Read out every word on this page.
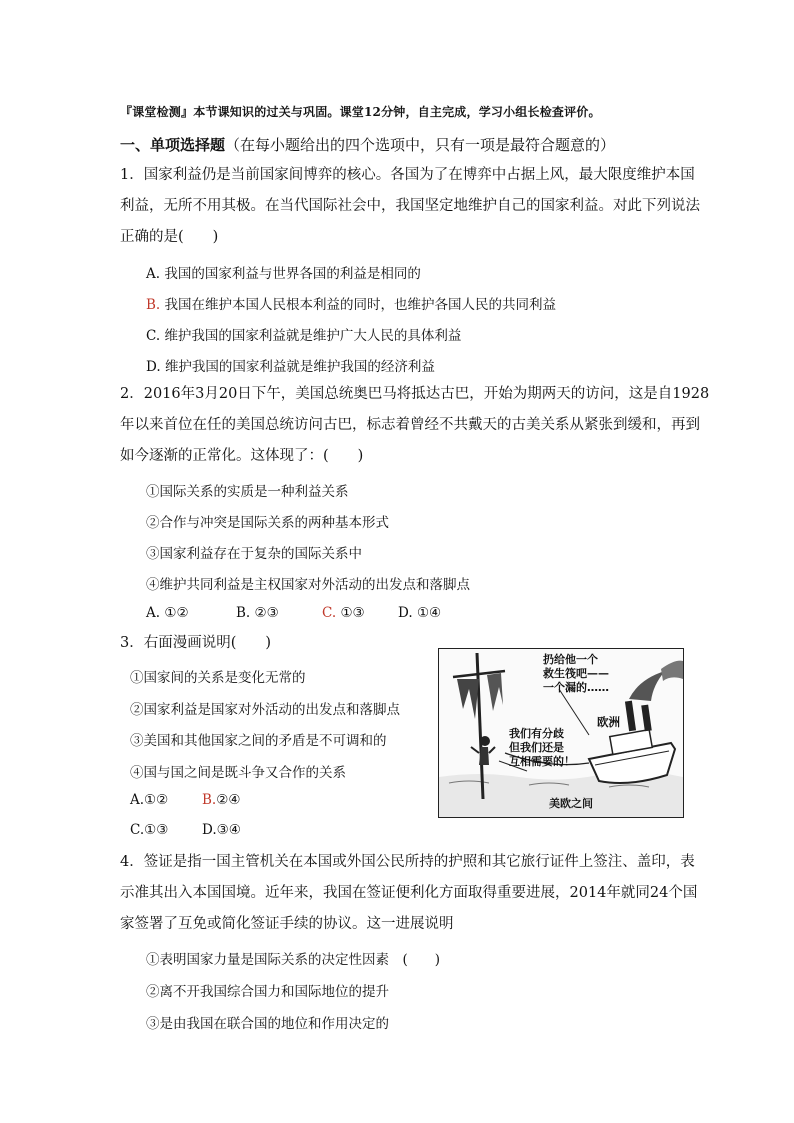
『课堂检测』本节课知识的过关与巩固。课堂12分钟，自主完成，学习小组长检查评价。
一、单项选择题（在每小题给出的四个选项中，只有一项是最符合题意的）
1．国家利益仍是当前国家间博弈的核心。各国为了在博弈中占据上风，最大限度维护本国
利益，无所不用其极。在当代国际社会中，我国坚定地维护自己的国家利益。对此下列说法
正确的是(　　)
A. 我国的国家利益与世界各国的利益是相同的
B. 我国在维护本国人民根本利益的同时，也维护各国人民的共同利益
C. 维护我国的国家利益就是维护广大人民的具体利益
D. 维护我国的国家利益就是维护我国的经济利益
2．2016年3月20日下午，美国总统奥巴马将抵达古巴，开始为期两天的访问，这是自1928
年以来首位在任的美国总统访问古巴，标志着曾经不共戴天的古美关系从紧张到缓和，再到
如今逐渐的正常化。这体现了：(　　)
①国际关系的实质是一种利益关系
②合作与冲突是国际关系的两种基本形式
③国家利益存在于复杂的国际关系中
④维护共同利益是主权国家对外活动的出发点和落脚点
A. ①②	B. ②③	C. ①③ D. ①④
3．右面漫画说明(　　)
①国家间的关系是变化无常的
②国家利益是国家对外活动的出发点和落脚点
③美国和其他国家之间的矛盾是不可调和的
④国与国之间是既斗争又合作的关系
A.①② B.②④
C.①③ D.③④
扔给他一个
救生筏吧——
一个漏的……
欧洲
我们有分歧
但我们还是
互相需要的！
美欧之间
4．签证是指一国主管机关在本国或外国公民所持的护照和其它旅行证件上签注、盖印，表
示准其出入本国国境。近年来，我国在签证便利化方面取得重要进展，2014年就同24个国
家签署了互免或简化签证手续的协议。这一进展说明
①表明国家力量是国际关系的决定性因素　(　　)
②离不开我国综合国力和国际地位的提升
③是由我国在联合国的地位和作用决定的
